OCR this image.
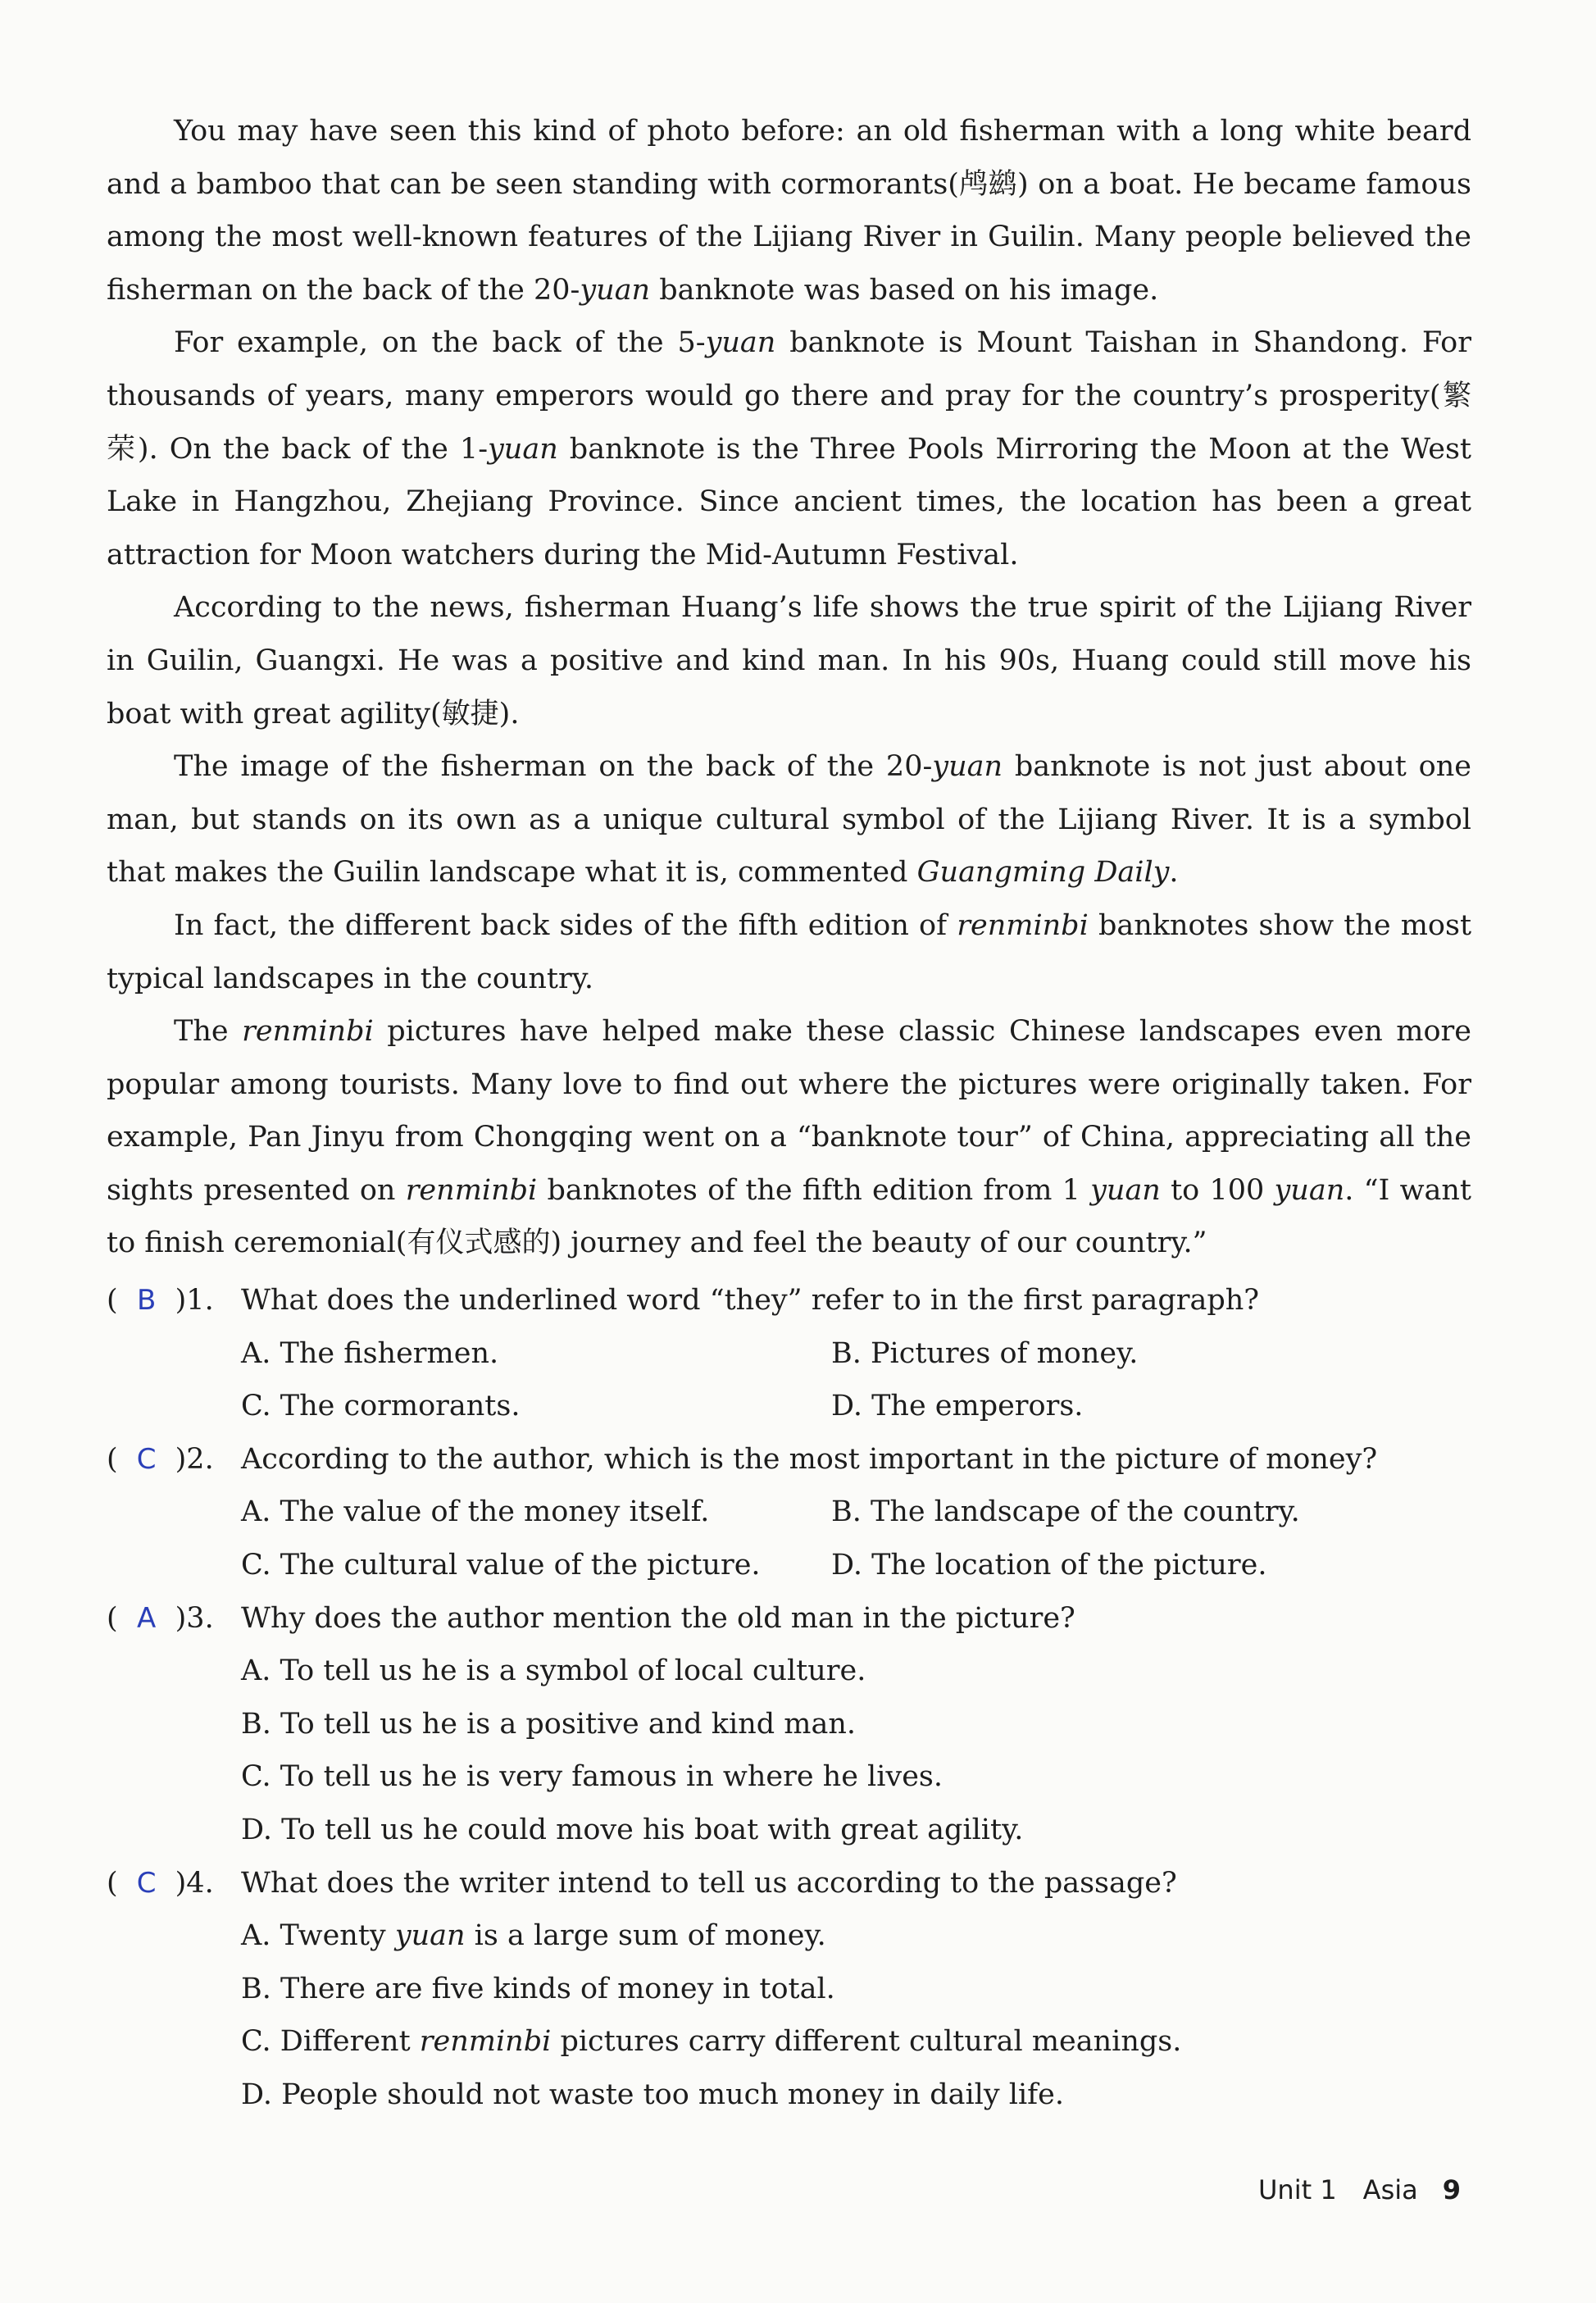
You may have seen this kind of photo before: an old fisherman with a long white beard and a bamboo that can be seen standing with cormorants(鸬鹚) on a boat. He became famous among the most well-known features of the Lijiang River in Guilin. Many people believed the fisherman on the back of the 20-yuan banknote was based on his image.

For example, on the back of the 5-yuan banknote is Mount Taishan in Shandong. For thousands of years, many emperors would go there and pray for the country’s prosperity(繁荣). On the back of the 1-yuan banknote is the Three Pools Mirroring the Moon at the West Lake in Hangzhou, Zhejiang Province. Since ancient times, the location has been a great attraction for Moon watchers during the Mid-Autumn Festival.

According to the news, fisherman Huang’s life shows the true spirit of the Lijiang River in Guilin, Guangxi. He was a positive and kind man. In his 90s, Huang could still move his boat with great agility(敏捷).

The image of the fisherman on the back of the 20-yuan banknote is not just about one man, but stands on its own as a unique cultural symbol of the Lijiang River. It is a symbol that makes the Guilin landscape what it is, commented Guangming Daily.

In fact, the different back sides of the fifth edition of renminbi banknotes show the most typical landscapes in the country.

The renminbi pictures have helped make these classic Chinese landscapes even more popular among tourists. Many love to find out where the pictures were originally taken. For example, Pan Jinyu from Chongqing went on a “banknote tour” of China, appreciating all the sights presented on renminbi banknotes of the fifth edition from 1 yuan to 100 yuan. “I want to finish ceremonial(有仪式感的) journey and feel the beauty of our country.”

( B )1. What does the underlined word “they” refer to in the first paragraph?
A. The fishermen.	B. Pictures of money.
C. The cormorants.	D. The emperors.
( C )2. According to the author, which is the most important in the picture of money?
A. The value of the money itself.	B. The landscape of the country.
C. The cultural value of the picture.	D. The location of the picture.
( A )3. Why does the author mention the old man in the picture?
A. To tell us he is a symbol of local culture.
B. To tell us he is a positive and kind man.
C. To tell us he is very famous in where he lives.
D. To tell us he could move his boat with great agility.
( C )4. What does the writer intend to tell us according to the passage?
A. Twenty yuan is a large sum of money.
B. There are five kinds of money in total.
C. Different renminbi pictures carry different cultural meanings.
D. People should not waste too much money in daily life.
Unit 1 Asia 9
